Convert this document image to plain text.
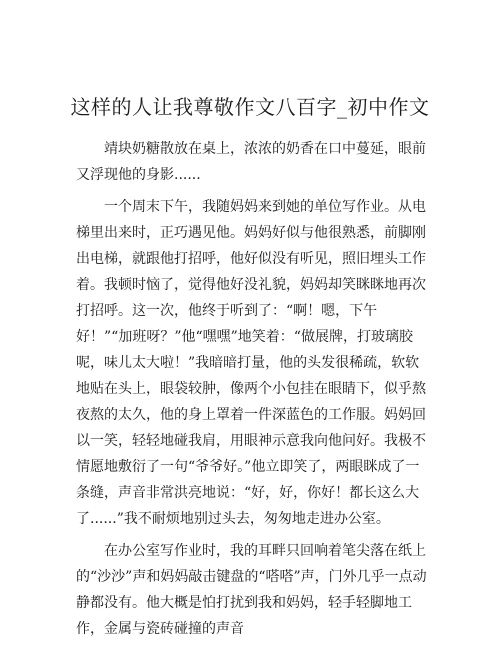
这样的人让我尊敬作文八百字_初中作文

靖块奶糖散放在桌上，浓浓的奶香在口中蔓延，眼前又浮现他的身影......

一个周末下午，我随妈妈来到她的单位写作业。从电梯里出来时，正巧遇见他。妈妈好似与他很熟悉，前脚刚出电梯，就跟他打招呼，他好似没有听见，照旧埋头工作着。我顿时恼了，觉得他好没礼貌，妈妈却笑眯眯地再次打招呼。这一次，他终于听到了：“啊！嗯，下午好！”“加班呀？”他“嘿嘿”地笑着：“做展牌，打玻璃胶呢，味儿太大啦！”我暗暗打量，他的头发很稀疏，软软地贴在头上，眼袋较肿，像两个小包挂在眼睛下，似乎熬夜熬的太久，他的身上罩着一件深蓝色的工作服。妈妈回以一笑，轻轻地碰我肩，用眼神示意我向他问好。我极不情愿地敷衍了一句“爷爷好。”他立即笑了，两眼眯成了一条缝，声音非常洪亮地说：“好，好，你好！都长这么大了......”我不耐烦地别过头去，匆匆地走进办公室。

在办公室写作业时，我的耳畔只回响着笔尖落在纸上的“沙沙”声和妈妈敲击键盘的“嗒嗒”声，门外几乎一点动静都没有。他大概是怕打扰到我和妈妈，轻手轻脚地工作，金属与瓷砖碰撞的声音
